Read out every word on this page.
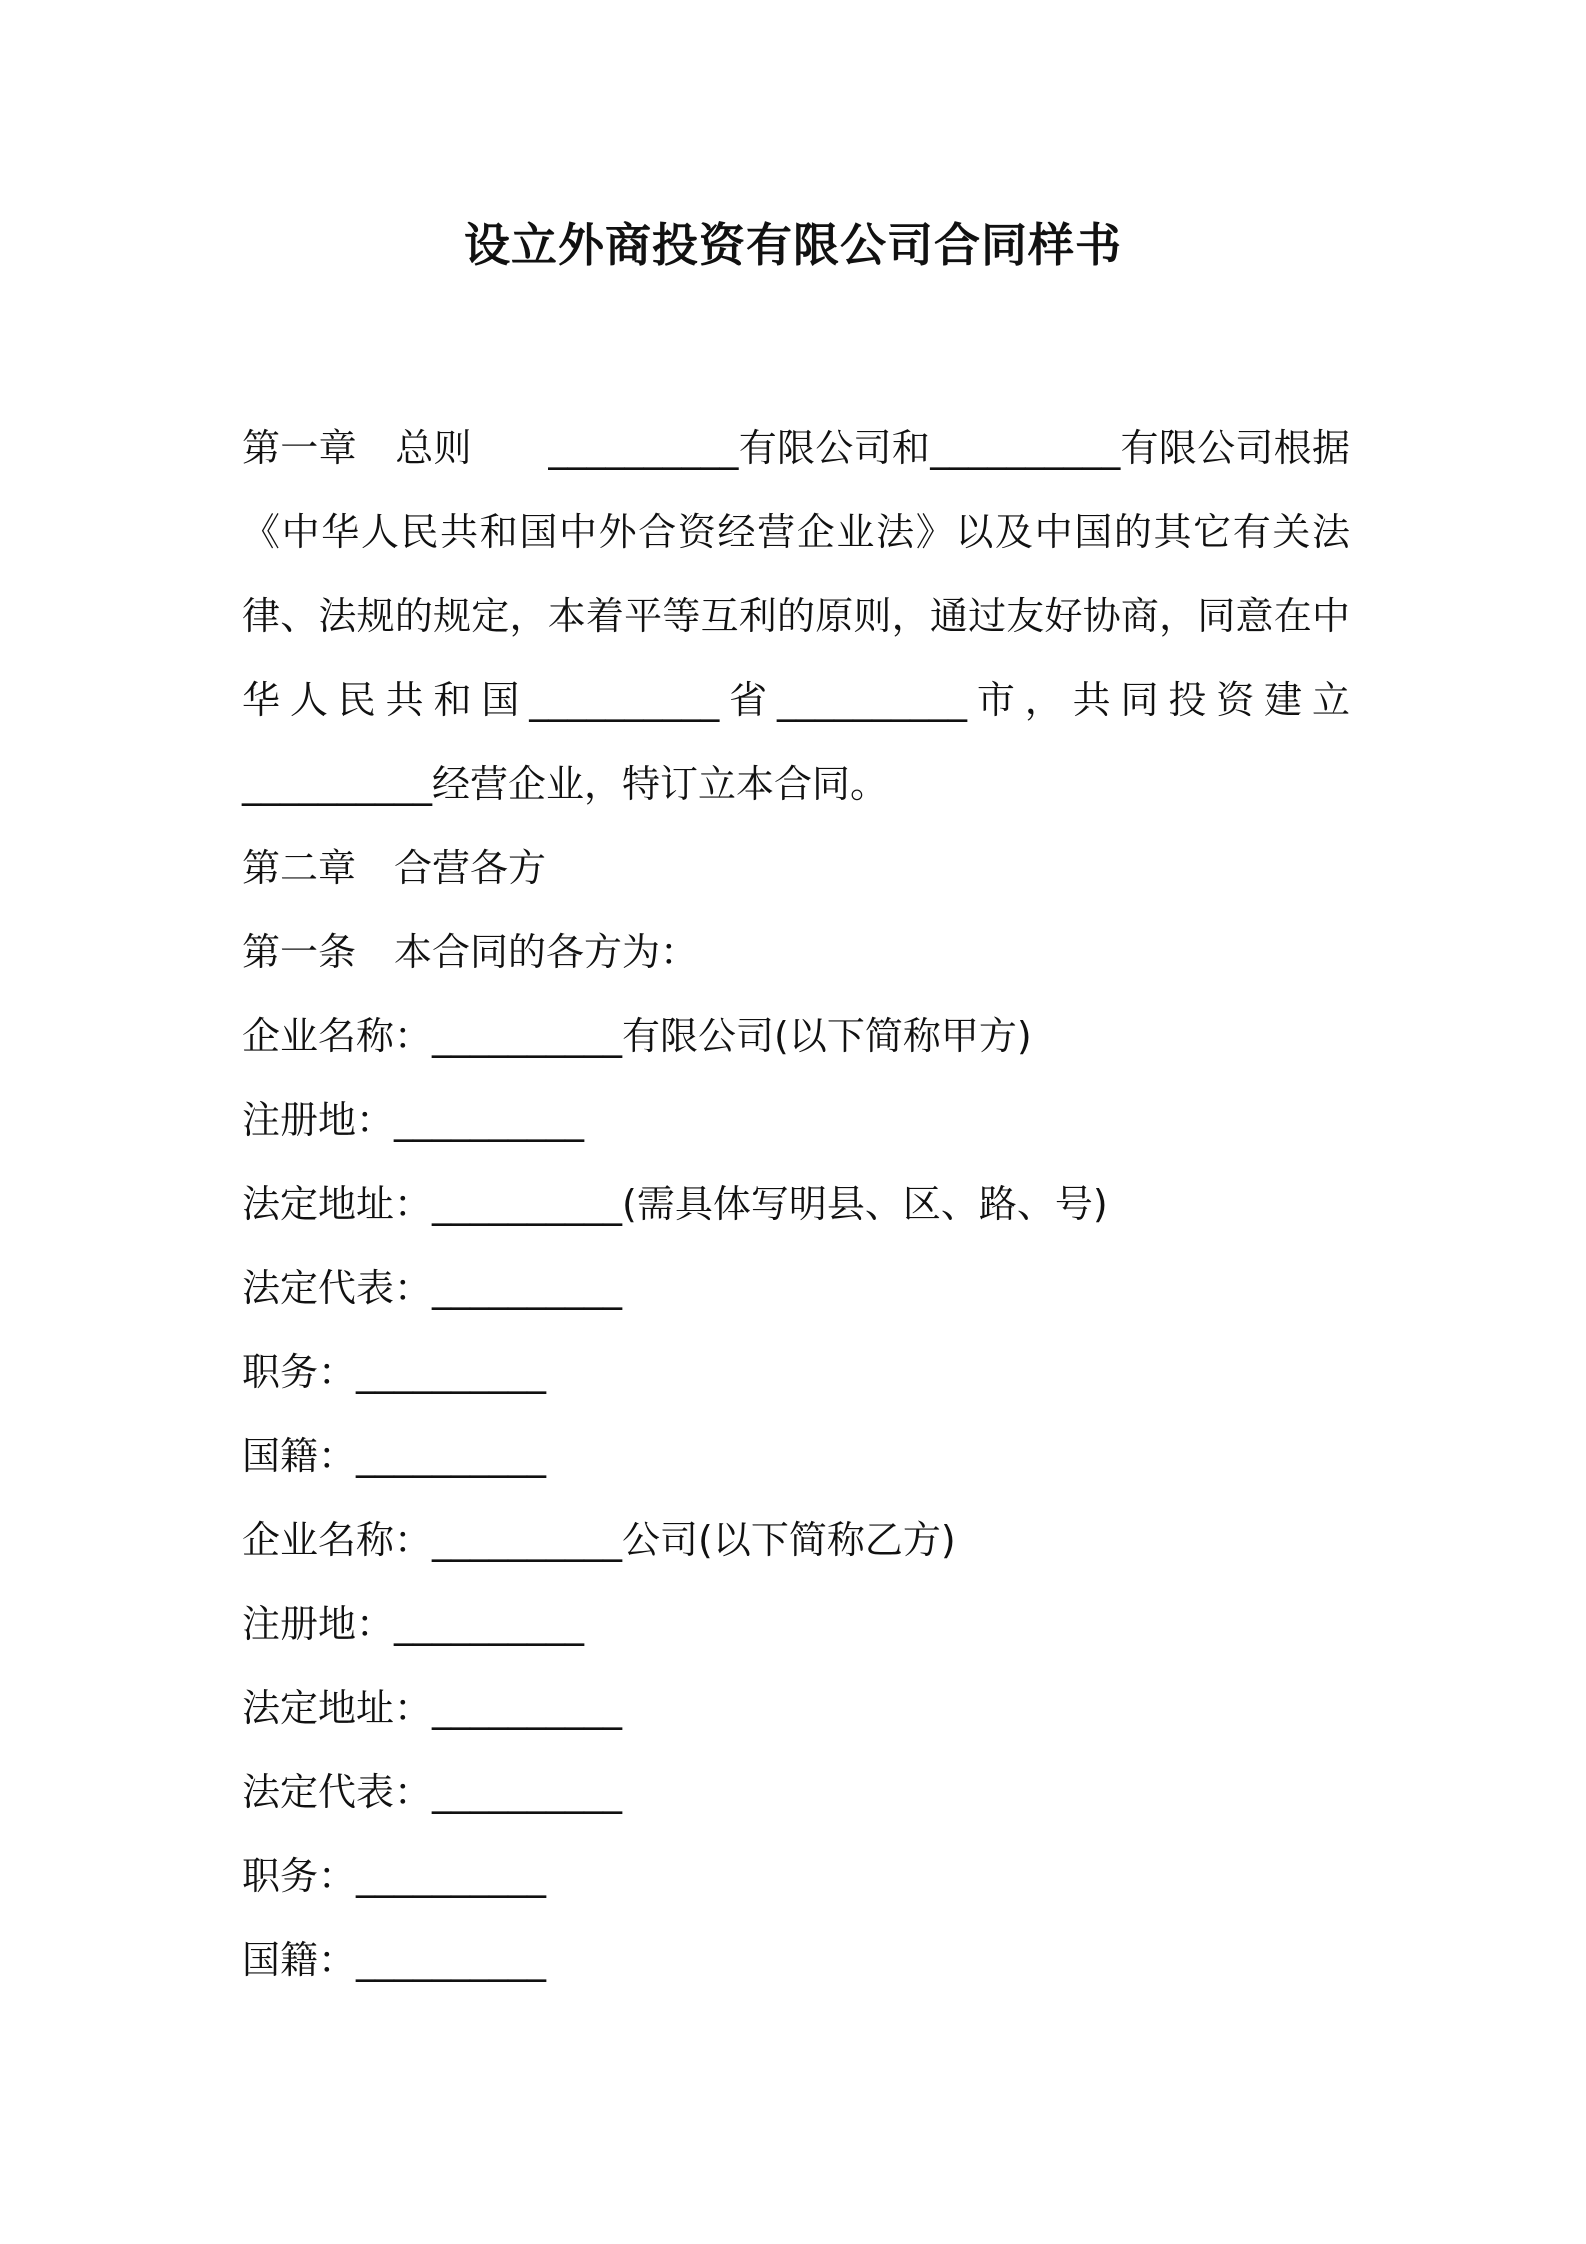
设立外商投资有限公司合同样书

第一章　总则　　__________有限公司和__________有限公司根据《中华人民共和国中外合资经营企业法》以及中国的其它有关法律、法规的规定，本着平等互利的原则，通过友好协商，同意在中华人民共和国__________省__________市，共同投资建立__________经营企业，特订立本合同。

第二章　合营各方

第一条　本合同的各方为：

企业名称：__________有限公司(以下简称甲方)

注册地：__________

法定地址：__________(需具体写明县、区、路、号)

法定代表：__________

职务：__________

国籍：__________

企业名称：__________公司(以下简称乙方)

注册地：__________

法定地址：__________

法定代表：__________

职务：__________

国籍：__________
